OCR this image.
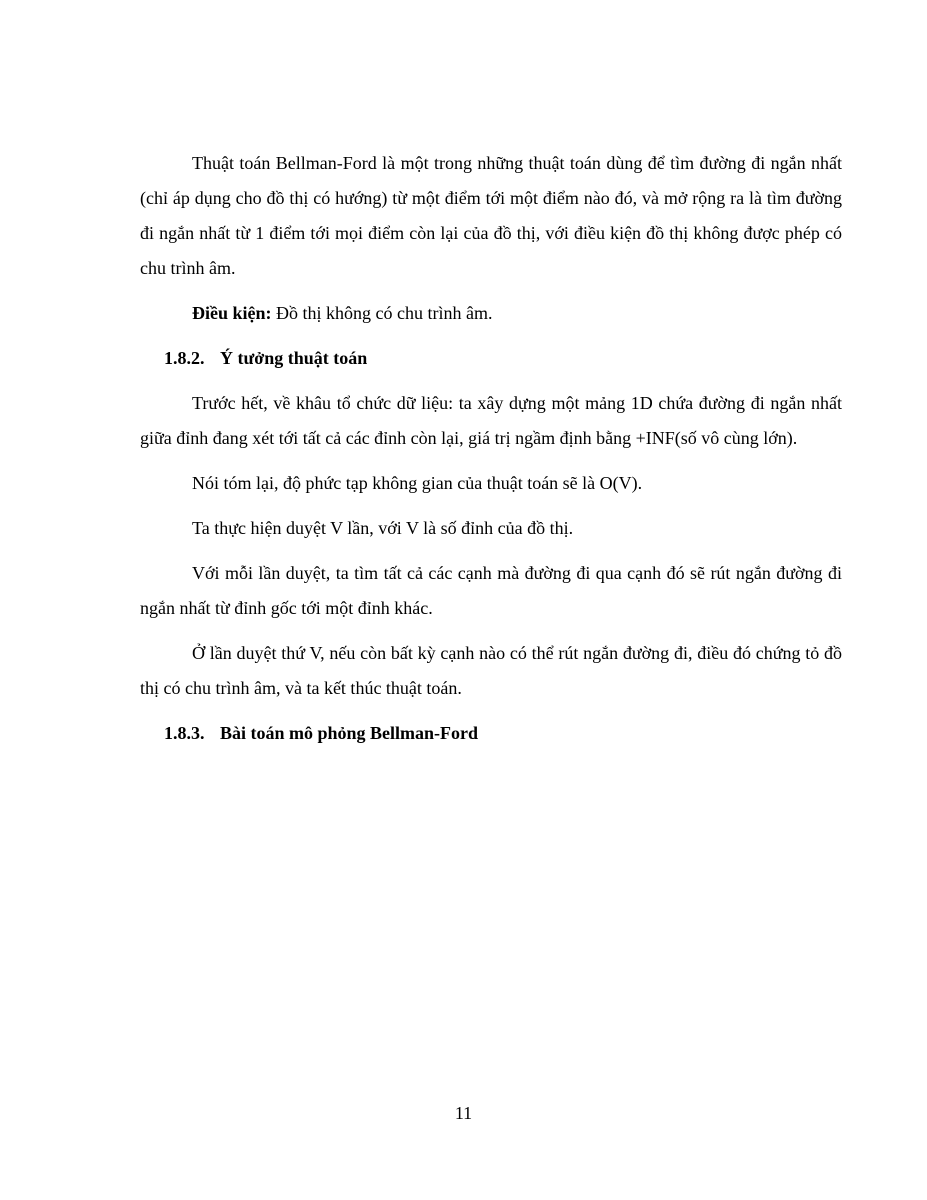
Thuật toán Bellman-Ford là một trong những thuật toán dùng để tìm đường đi ngắn nhất (chỉ áp dụng cho đồ thị có hướng) từ một điểm tới một điểm nào đó, và mở rộng ra là tìm đường đi ngắn nhất từ 1 điểm tới mọi điểm còn lại của đồ thị, với điều kiện đồ thị không được phép có chu trình âm.

Điều kiện: Đồ thị không có chu trình âm.

1.8.2. Ý tưởng thuật toán

Trước hết, về khâu tổ chức dữ liệu: ta xây dựng một mảng 1D chứa đường đi ngắn nhất giữa đỉnh đang xét tới tất cả các đỉnh còn lại, giá trị ngầm định bằng +INF(số vô cùng lớn).

Nói tóm lại, độ phức tạp không gian của thuật toán sẽ là O(V).

Ta thực hiện duyệt V lần, với V là số đỉnh của đồ thị.

Với mỗi lần duyệt, ta tìm tất cả các cạnh mà đường đi qua cạnh đó sẽ rút ngắn đường đi ngắn nhất từ đỉnh gốc tới một đỉnh khác.

Ở lần duyệt thứ V, nếu còn bất kỳ cạnh nào có thể rút ngắn đường đi, điều đó chứng tỏ đồ thị có chu trình âm, và ta kết thúc thuật toán.

1.8.3. Bài toán mô phỏng Bellman-Ford
11
